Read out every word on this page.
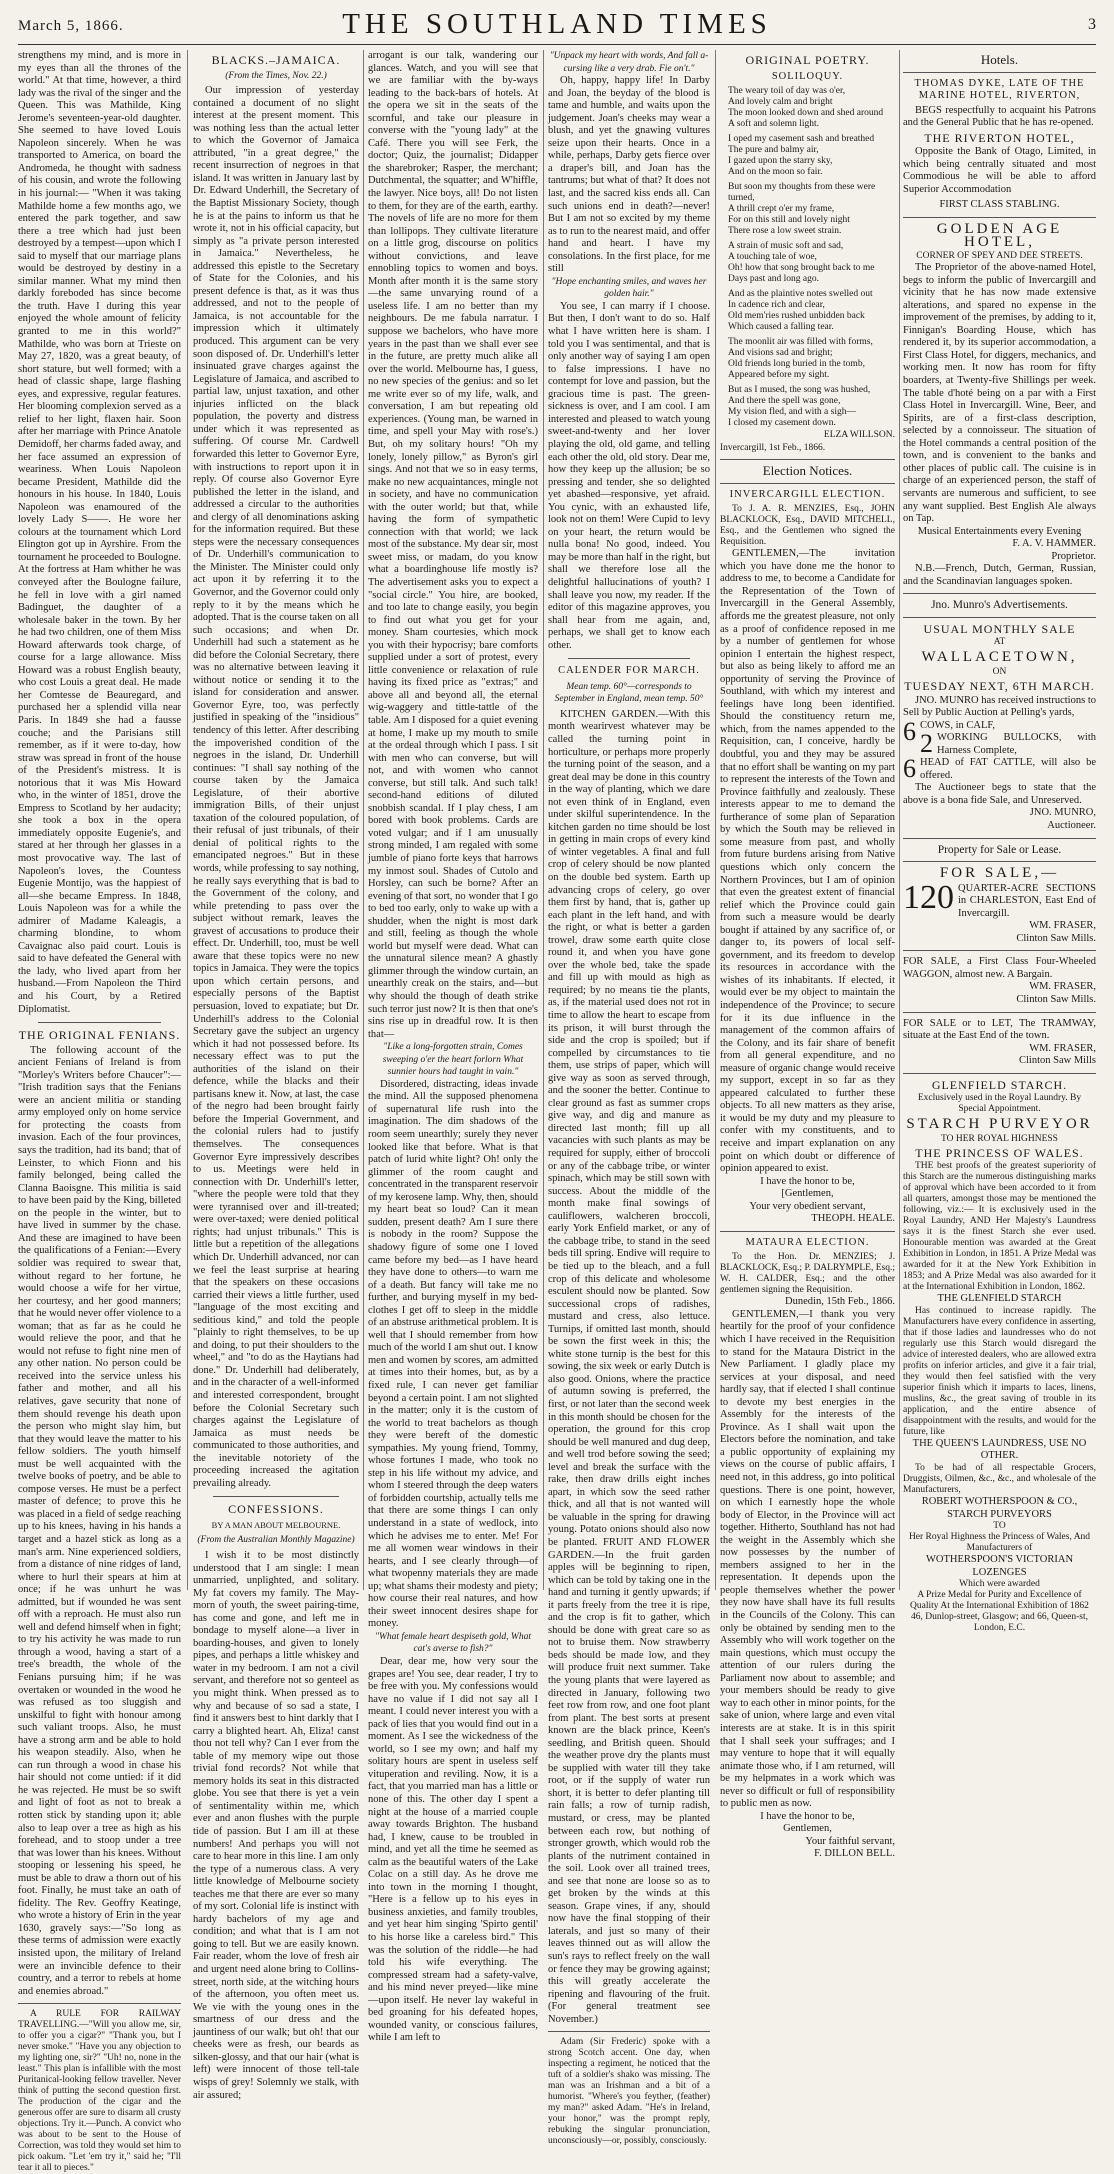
March 5, 1866.	THE SOUTHLAND TIMES	3

strengthens my mind, and is more in my eyes than all the thrones of the world." At that time, however, a third lady was the rival of the singer and the Queen. This was Mathilde, King Jerome's seventeen-year-old daughter. She seemed to have loved Louis Napoleon sincerely. When he was transported to America, on board the Andromeda, he thought with sadness of his cousin, and wrote the following in his journal:— "When it was taking Mathilde home a few months ago, we entered the park together, and saw there a tree which had just been destroyed by a tempest—upon which I said to myself that our marriage plans would be destroyed by destiny in a similar manner. What my mind then darkly foreboded has since become the truth. Have I during this year enjoyed the whole amount of felicity granted to me in this world?" Mathilde, who was born at Trieste on May 27, 1820, was a great beauty, of short stature, but well formed; with a head of classic shape, large flashing eyes, and expressive, regular features. Her blooming complexion served as a relief to her light, flaxen hair. Soon after her marriage with Prince Anatole Demidoff, her charms faded away, and her face assumed an expression of weariness. When Louis Napoleon became President, Mathilde did the honours in his house. In 1840, Louis Napoleon was enamoured of the lovely Lady S——. He wore her colours at the tournament which Lord Elington got up in Ayrshire. From the tournament he proceeded to Boulogne. At the fortress at Ham whither he was conveyed after the Boulogne failure, he fell in love with a girl named Badinguet, the daughter of a wholesale baker in the town. By her he had two children, one of them Miss Howard afterwards took charge, of course for a large allowance. Miss Howard was a robust English beauty, who cost Louis a great deal. He made her Comtesse de Beauregard, and purchased her a splendid villa near Paris. In 1849 she had a fausse couche; and the Parisians still remember, as if it were to-day, how straw was spread in front of the house of the President's mistress. It is notorious that it was Mis Howard who, in the winter of 1851, drove the Empress to Scotland by her audacity; she took a box in the opera immediately opposite Eugenie's, and stared at her through her glasses in a most provocative way. The last of Napoleon's loves, the Countess Eugenie Montijo, was the happiest of all—she became Empress. In 1848, Louis Napoleon was for a while the admirer of Madame Kaleagis, a charming blondine, to whom Cavaignac also paid court. Louis is said to have defeated the General with the lady, who lived apart from her husband.—From Napoleon the Third and his Court, by a Retired Diplomatist.

THE ORIGINAL FENIANS.

The following account of the ancient Fenians of Ireland is from "Morley's Writers before Chaucer":— "Irish tradition says that the Fenians were an ancient militia or standing army employed only on home service for protecting the coasts from invasion. Each of the four provinces, says the tradition, had its band; that of Leinster, to which Fionn and his family belonged, being called the Clanna Baoisgne. This militia is said to have been paid by the King, billeted on the people in the winter, but to have lived in summer by the chase. And these are imagined to have been the qualifications of a Fenian:—Every soldier was required to swear that, without regard to her fortune, he would choose a wife for her virtue, her courtesy, and her good manners; that he would never offer violence to a woman; that as far as he could he would relieve the poor, and that he would not refuse to fight nine men of any other nation. No person could be received into the service unless his father and mother, and all his relatives, gave security that none of them should revenge his death upon the person who might slay him, but that they would leave the matter to his fellow soldiers. The youth himself must be well acquainted with the twelve books of poetry, and be able to compose verses. He must be a perfect master of defence; to prove this he was placed in a field of sedge reaching up to his knees, having in his hands a target and a hazel stick as long as a man's arm. Nine experienced soldiers, from a distance of nine ridges of land, where to hurl their spears at him at once; if he was unhurt he was admitted, but if wounded he was sent off with a reproach. He must also run well and defend himself when in fight; to try his activity he was made to run through a wood, having a start of a tree's breadth, the whole of the Fenians pursuing him; if he was overtaken or wounded in the wood he was refused as too sluggish and unskilful to fight with honour among such valiant troops. Also, he must have a strong arm and be able to hold his weapon steadily. Also, when he can run through a wood in chase his hair should not come untied: if it did he was rejected. He must be so swift and light of foot as not to break a rotten stick by standing upon it; able also to leap over a tree as high as his forehead, and to stoop under a tree that was lower than his knees. Without stooping or lessening his speed, he must be able to draw a thorn out of his foot. Finally, he must take an oath of fidelity. The Rev. Geoffry Keatinge, who wrote a history of Erin in the year 1630, gravely says:—"So long as these terms of admission were exactly insisted upon, the military of Ireland were an invincible defence to their country, and a terror to rebels at home and enemies abroad."

A RULE FOR RAILWAY TRAVELLING.—"Will you allow me, sir, to offer you a cigar?" "Thank you, but I never smoke." "Have you any objection to my lighting one, sir?" "Uh! no, none in the least." This plan is infallible with the most Puritanical-looking fellow traveller. Never think of putting the second question first. The production of the cigar and the generous offer are sure to disarm all crusty objections. Try it.—Punch. A convict who was about to be sent to the House of Correction, was told they would set him to pick oakum. "Let 'em try it," said he; "I'll tear it all to pieces."

BLACKS.–JAMAICA.
(From the Times, Nov. 22.)

Our impression of yesterday contained a document of no slight interest at the present moment. This was nothing less than the actual letter to which the Governor of Jamaica attributed, "in a great degree," the recent insurrection of negroes in that island. It was written in January last by Dr. Edward Underhill, the Secretary of the Baptist Missionary Society, though he is at the pains to inform us that he wrote it, not in his official capacity, but simply as "a private person interested in Jamaica." Nevertheless, he addressed this epistle to the Secretary of State for the Colonies, and his present defence is that, as it was thus addressed, and not to the people of Jamaica, is not accountable for the impression which it ultimately produced. This argument can be very soon disposed of. Dr. Underhill's letter insinuated grave charges against the Legislature of Jamaica, and ascribed to partial law, unjust taxation, and other injuries inflicted on the black population, the poverty and distress under which it was represented as suffering. Of course Mr. Cardwell forwarded this letter to Governor Eyre, with instructions to report upon it in reply. Of course also Governor Eyre published the letter in the island, and addressed a circular to the authorities and clergy of all denominations asking for the information required. But these steps were the necessary consequences of Dr. Underhill's communication to the Minister. The Minister could only act upon it by referring it to the Governor, and the Governor could only reply to it by the means which he adopted. That is the course taken on all such occasions; and when Dr. Underhill had such a statement as he did before the Colonial Secretary, there was no alternative between leaving it without notice or sending it to the island for consideration and answer. Governor Eyre, too, was perfectly justified in speaking of the "insidious" tendency of this letter. After describing the impoverished condition of the negroes in the island, Dr. Underhill continues: "I shall say nothing of the course taken by the Jamaica Legislature, of their abortive immigration Bills, of their unjust taxation of the coloured population, of their refusal of just tribunals, of their denial of political rights to the emancipated negroes." But in these words, while professing to say nothing, he really says everything that is bad to the Government of the colony, and while pretending to pass over the subject without remark, leaves the gravest of accusations to produce their effect. Dr. Underhill, too, must be well aware that these topics were no new topics in Jamaica. They were the topics upon which certain persons, and especially persons of the Baptist persuasion, loved to expatiate; but Dr. Underhill's address to the Colonial Secretary gave the subject an urgency which it had not possessed before. Its necessary effect was to put the authorities of the island on their defence, while the blacks and their partisans knew it. Now, at last, the case of the negro had been brought fairly before the Imperial Government, and the colonial rulers had to justify themselves. The consequences Governor Eyre impressively describes to us. Meetings were held in connection with Dr. Underhill's letter, "where the people were told that they were tyrannised over and ill-treated; were over-taxed; were denied political rights; had unjust tribunals." This is little but a repetition of the allegations which Dr. Underhill advanced, nor can we feel the least surprise at hearing that the speakers on these occasions carried their views a little further, used "language of the most exciting and seditious kind," and told the people "plainly to right themselves, to be up and doing, to put their shoulders to the wheel," and "to do as the Haytians had done." Dr. Underhill had deliberately, and in the character of a well-informed and interested correspondent, brought before the Colonial Secretary such charges against the Legislature of Jamaica as must needs be communicated to those authorities, and the inevitable notoriety of the proceeding increased the agitation prevailing already.

CONFESSIONS.
BY A MAN ABOUT MELBOURNE.
(From the Australian Monthly Magazine)

I wish it to be most distinctly understood that I am single: I mean unmarried, unplighted, and solitary. My fat covers my family. The May-morn of youth, the sweet pairing-time, has come and gone, and left me in bondage to myself alone—a liver in boarding-houses, and given to lonely pipes, and perhaps a little whiskey and water in my bedroom. I am not a civil servant, and therefore not so genteel as you might think. When pressed as to why and because of so sad a state, I find it answers best to hint darkly that I carry a blighted heart. Ah, Eliza! canst thou not tell why? Can I ever from the table of my memory wipe out those trivial fond records? Not while that memory holds its seat in this distracted globe. You see that there is yet a vein of sentimentality within me, which ever and anon flushes with the purple tide of passion. But I am ill at these numbers! And perhaps you will not care to hear more in this line. I am only the type of a numerous class. A very little knowledge of Melbourne society teaches me that there are ever so many of my sort. Colonial life is instinct with hardy bachelors of my age and condition; and what that is I am not going to tell. But we are easily known. Fair reader, whom the love of fresh air and urgent need alone bring to Collins-street, north side, at the witching hours of the afternoon, you often meet us. We vie with the young ones in the smartness of our dress and the jauntiness of our walk; but oh! that our cheeks were as fresh, our beards as silken-glossy, and that our hair (what is left) were innocent of those tell-tale wisps of grey! Solemnly we stalk, with air assured;

arrogant is our talk, wandering our glances. Watch, and you will see that we are familiar with the by-ways leading to the back-bars of hotels. At the opera we sit in the seats of the scornful, and take our pleasure in converse with the "young lady" at the Café. There you will see Ferk, the doctor; Quiz, the journalist; Didapper the sharebroker; Rasper, the merchant; Dutchmental, the squatter; and W'hiffle, the lawyer. Nice boys, all! Do not listen to them, for they are of the earth, earthy. The novels of life are no more for them than lollipops. They cultivate literature on a little grog, discourse on politics without convictions, and leave ennobling topics to women and boys. Month after month it is the same story—the same unvarying round of a useless life. I am no better than my neighbours. De me fabula narratur. I suppose we bachelors, who have more years in the past than we shall ever see in the future, are pretty much alike all over the world. Melbourne has, I guess, no new species of the genius: and so let me write ever so of my life, walk, and conversation, I am but repeating old experiences. (Young man, be warned in time, and spell your May with rose's.) But, oh my solitary hours! "Oh my lonely, lonely pillow," as Byron's girl sings. And not that we so in easy terms, make no new acquaintances, mingle not in society, and have no communication with the outer world; but that, while having the form of sympathetic connection with that world; we lack most of the substance. My dear sir, most sweet miss, or madam, do you know what a boardinghouse life mostly is? The advertisement asks you to expect a "social circle." You hire, are booked, and too late to change easily, you begin to find out what you get for your money. Sham courtesies, which mock you with their hypocrisy; bare comforts supplied under a sort of protest, every little convenience or relaxation of rule having its fixed price as "extras;" and above all and beyond all, the eternal wig-waggery and tittle-tattle of the table. Am I disposed for a quiet evening at home, I make up my mouth to smile at the ordeal through which I pass. I sit with men who can converse, but will not, and with women who cannot converse, but still talk. And such talk! second-hand editions of diluted snobbish scandal. If I play chess, I am bored with book problems. Cards are voted vulgar; and if I am unusually strong minded, I am regaled with some jumble of piano forte keys that harrows my inmost soul. Shades of Cutolo and Horsley, can such be borne? After an evening of that sort, no wonder that I go to bed too early, only to wake up with a shudder, when the night is most dark and still, feeling as though the whole world but myself were dead. What can the unnatural silence mean? A ghastly glimmer through the window curtain, an unearthly creak on the stairs, and—but why should the though of death strike such terror just now? It is then that one's sins rise up in dreadful row. It is then that—

"Like a long-forgotten strain, Comes sweeping o'er the heart forlorn What sunnier hours had taught in vain."

Disordered, distracting, ideas invade the mind. All the supposed phenomena of supernatural life rush into the imagination. The dim shadows of the room seem unearthly; surely they never looked like that before. What is that patch of lurid white light? Oh! only the glimmer of the room caught and concentrated in the transparent reservoir of my kerosene lamp. Why, then, should my heart beat so loud? Can it mean sudden, present death? Am I sure there is nobody in the room? Suppose the shadowy figure of some one I loved came before my bed—as I have heard they have done to others—to warn me of a death. But fancy will take me no further, and burying myself in my bed-clothes I get off to sleep in the middle of an abstruse arithmetical problem. It is well that I should remember from how much of the world I am shut out. I know men and women by scores, am admitted at times into their homes, but, as by a fixed rule, I can never get familiar beyond a certain point. I am not slighted in the matter; only it is the custom of the world to treat bachelors as though they were bereft of the domestic sympathies. My young friend, Tommy, whose fortunes I made, who took no step in his life without my advice, and whom I steered through the deep waters of forbidden courtship, actually tells me that there are some things I can only understand in a state of wedlock, into which he advises me to enter. Me! For me all women wear windows in their hearts, and I see clearly through—of what twopenny materials they are made up; what shams their modesty and piety; how course their real natures, and how their sweet innocent desires shape for money.

"What female heart despiseth gold, What cat's averse to fish?"

Dear, dear me, how very sour the grapes are! You see, dear reader, I try to be free with you. My confessions would have no value if I did not say all I meant. I could never interest you with a pack of lies that you would find out in a moment. As I see the wickedness of the world, so I see my own; and half my solitary hours are spent in useless self vituperation and reviling. Now, it is a fact, that you married man has a little or none of this. The other day I spent a night at the house of a married couple away towards Brighton. The husband had, I knew, cause to be troubled in mind, and yet all the time he seemed as calm as the beautiful waters of the Lake Colac on a still day. As he drove me into town in the morning I thought, "Here is a fellow up to his eyes in business anxieties, and family troubles, and yet hear him singing 'Spirto gentil' to his horse like a careless bird." This was the solution of the riddle—he had told his wife everything. The compressed stream had a safety-valve, and his mind never preyed—like mine—upon itself. He never lay wakeful in bed groaning for his defeated hopes, wounded vanity, or conscious failures, while I am left to

"Unpack my heart with words, And fall a-cursing like a very drab. Fie on't."

Oh, happy, happy life! In Darby and Joan, the beyday of the blood is tame and humble, and waits upon the judgement. Joan's cheeks may wear a blush, and yet the gnawing vultures seize upon their hearts. Once in a while, perhaps, Darby gets fierce over a draper's bill, and Joan has the tantrums; but what of that? It does not last, and the sacred kiss ends all. Can such unions end in death?—never! But I am not so excited by my theme as to run to the nearest maid, and offer hand and heart. I have my consolations. In the first place, for me still

"Hope enchanting smiles, and waves her golden hair."

You see, I can marry if I choose. But then, I don't want to do so. Half what I have written here is sham. I told you I was sentimental, and that is only another way of saying I am open to false impressions. I have no contempt for love and passion, but the gracious time is past. The green-sickness is over, and I am cool. I am interested and pleased to watch young sweet-and-twenty and her lover playing the old, old game, and telling each other the old, old story. Dear me, how they keep up the allusion; be so pressing and tender, she so delighted yet abashed—responsive, yet afraid. You cynic, with an exhausted life, look not on them! Were Cupid to levy on your heart, the return would be nulla bona! No good, indeed. You may be more than half in the right, but shall we therefore lose all the delightful hallucinations of youth? I shall leave you now, my reader. If the editor of this magazine approves, you shall hear from me again, and, perhaps, we shall get to know each other.

CALENDER FOR MARCH.
Mean temp. 60°—corresponds to September in England, mean temp. 50°

KITCHEN GARDEN.—With this month wearirvest whatever may be called the turning point in horticulture, or perhaps more properly the turning point of the season, and a great deal may be done in this country in the way of planting, which we dare not even think of in England, even under skilful superintendence. In the kitchen garden no time should be lost in getting in main crops of every kind of winter vegetables. A final and full crop of celery should be now planted on the double bed system. Earth up advancing crops of celery, go over them first by hand, that is, gather up each plant in the left hand, and with the right, or what is better a garden trowel, draw some earth quite close round it, and when you have gone over the whole bed, take the spade and fill up with mould as high as required; by no means tie the plants, as, if the material used does not rot in time to allow the heart to escape from its prison, it will burst through the side and the crop is spoiled; but if compelled by circumstances to tie them, use strips of paper, which will give way as soon as served through, and the sooner the better. Continue to clear ground as fast as summer crops give way, and dig and manure as directed last month; fill up all vacancies with such plants as may be required for supply, either of broccoli or any of the cabbage tribe, or winter spinach, which may be still sown with success. About the middle of the month make final sowings of cauliflowers, walcheren broccoli, early York Enfield market, or any of the cabbage tribe, to stand in the seed beds till spring. Endive will require to be tied up to the bleach, and a full crop of this delicate and wholesome esculent should now be planted. Sow successional crops of radishes, mustard and cress, also lettuce. Turnips, if omitted last month, should be sown the first week in this; the white stone turnip is the best for this sowing, the six week or early Dutch is also good. Onions, where the practice of autumn sowing is preferred, the first, or not later than the second week in this month should be chosen for the operation, the ground for this crop should be well manured and dug deep, and well trod before sowing the seed; level and break the surface with the rake, then draw drills eight inches apart, in which sow the seed rather thick, and all that is not wanted will be valuable in the spring for drawing young. Potato onions should also now be planted. FRUIT AND FLOWER GARDEN.—In the fruit garden apples will be beginning to ripen, which can be told by taking one in the hand and turning it gently upwards; if it parts freely from the tree it is ripe, and the crop is fit to gather, which should be done with great care so as not to bruise them. Now strawberry beds should be made low, and they will produce fruit next summer. Take the young plants that were layered as directed in January, following two feet row from row, and one foot plant from plant. The best sorts at present known are the black prince, Keen's seedling, and British queen. Should the weather prove dry the plants must be supplied with water till they take root, or if the supply of water run short, it is better to defer planting till rain falls; a row of turnip radish, mustard, or cress, may be planted between each row, but nothing of stronger growth, which would rob the plants of the nutriment contained in the soil. Look over all trained trees, and see that none are loose so as to get broken by the winds at this season. Grape vines, if any, should now have the final stopping of their laterals, and just so many of their leaves thinned out as will allow the sun's rays to reflect freely on the wall or fence they may be growing against; this will greatly accelerate the ripening and flavouring of the fruit. (For general treatment see November.)

Adam (Sir Frederic) spoke with a strong Scotch accent. One day, when inspecting a regiment, he noticed that the tuft of a soldier's shako was missing. The man was an Irishman and a bit of a humorist. "Where's you feyther, (feather) my man?" asked Adam. "He's in Ireland, your honor," was the prompt reply, rebuking the singular pronunciation, unconsciously—or, possibly, consciously.

ORIGINAL POETRY.
SOLILOQUY.

The weary toil of day was o'er,

And lovely calm and bright

The moon looked down and shed around

A soft and solemn light.

I oped my casement sash and breathed

The pure and balmy air,

I gazed upon the starry sky,

And on the moon so fair.

But soon my thoughts from these were turned,

A thrill crept o'er my frame,

For on this still and lovely night

There rose a low sweet strain.

A strain of music soft and sad,

A touching tale of woe,

Oh! how that song brought back to me

Days past and long ago.

And as the plaintive notes swelled out

In cadence rich and clear,

Old mem'ries rushed unbidden back

Which caused a falling tear.

The moonlit air was filled with forms,

And visions sad and bright;

Old friends long buried in the tomb,

Appeared before my sight.

But as I mused, the song was hushed,

And there the spell was gone,

My vision fled, and with a sigh—

I closed my casement down.

ELZA WILLSON.
Invercargill, 1st Feb., 1866.
Election Notices.
INVERCARGILL ELECTION.

To J. A. R. MENZIES, Esq., JOHN BLACKLOCK, Esq., DAVID MITCHELL, Esq., and the Gentlemen who signed the Requisition.

GENTLEMEN,—The invitation which you have done me the honor to address to me, to become a Candidate for the Representation of the Town of Invercargill in the General Assembly, affords me the greatest pleasure, not only as a proof of confidence reposed in me by a number of gentlemen for whose opinion I entertain the highest respect, but also as being likely to afford me an opportunity of serving the Province of Southland, with which my interest and feelings have long been identified. Should the constituency return me, which, from the names appended to the Requisition, can, I conceive, hardly be doubtful, you and they may be assured that no effort shall be wanting on my part to represent the interests of the Town and Province faithfully and zealously. These interests appear to me to demand the furtherance of some plan of Separation by which the South may be relieved in some measure from past, and wholly from future burdens arising from Native questions which only concern the Northern Provinces, but I am of opinion that even the greatest extent of financial relief which the Province could gain from such a measure would be dearly bought if attained by any sacrifice of, or danger to, its powers of local self-government, and its freedom to develop its resources in accordance with the wishes of its inhabitants. If elected, it would ever be my object to maintain the independence of the Province; to secure for it its due influence in the management of the common affairs of the Colony, and its fair share of benefit from all general expenditure, and no measure of organic change would receive my support, except in so far as they appeared calculated to further these objects. To all new matters as they arise, it would be my duty and my pleasure to confer with my constituents, and to receive and impart explanation on any point on which doubt or difference of opinion appeared to exist.

I have the honor to be,
[Gentlemen,
Your very obedient servant,
THEOPH. HEALE.
MATAURA ELECTION.

To the Hon. Dr. MENZIES; J. BLACKLOCK, Esq.; P. DALRYMPLE, Esq.; W. H. CALDER, Esq.; and the other gentlemen signing the Requisition.

Dunedin, 15th Feb., 1866.

GENTLEMEN,—I thank you very heartily for the proof of your confidence which I have received in the Requisition to stand for the Mataura District in the New Parliament. I gladly place my services at your disposal, and need hardly say, that if elected I shall continue to devote my best energies in the Assembly for the interests of the Province. As I shall wait upon the Electors before the nomination, and take a public opportunity of explaining my views on the course of public affairs, I need not, in this address, go into political questions. There is one point, however, on which I earnestly hope the whole body of Elector, in the Province will act together. Hitherto, Southland has not had the weight in the Assembly which she now possesses by the number of members assigned to her in the representation. It depends upon the people themselves whether the power they now have shall have its full results in the Councils of the Colony. This can only be obtained by sending men to the Assembly who will work together on the main questions, which must occupy the attention of our rulers during the Parliament now about to assemble; and your members should be ready to give way to each other in minor points, for the sake of union, where large and even vital interests are at stake. It is in this spirit that I shall seek your suffrages; and I may venture to hope that it will equally animate those who, if I am returned, will be my helpmates in a work which was never so difficult or full of responsibility to public men as now.

I have the honor to be,
Gentlemen,
Your faithful servant,
F. DILLON BELL.
Hotels.
THOMAS DYKE, LATE OF THE MARINE HOTEL, RIVERTON,

BEGS respectfully to acquaint his Patrons and the General Public that he has re-opened.

THE RIVERTON HOTEL,

Opposite the Bank of Otago, Limited, in which being centrally situated and most Commodious he will be able to afford Superior Accommodation

FIRST CLASS STABLING.
GOLDEN AGE HOTEL,
CORNER OF SPEY AND DEE STREETS.

The Proprietor of the above-named Hotel, begs to inform the public of Invercargill and vicinity that he has now made extensive alterations, and spared no expense in the improvement of the premises, by adding to it, Finnigan's Boarding House, which has rendered it, by its superior accommodation, a First Class Hotel, for diggers, mechanics, and working men. It now has room for fifty boarders, at Twenty-five Shillings per week. The table d'hoté being on a par with a First Class Hotel in Invercargill. Wine, Beer, and Spirits, are of a first-class description, selected by a connoisseur. The situation of the Hotel commands a central position of the town, and is convenient to the banks and other places of public call. The cuisine is in charge of an experienced person, the staff of servants are numerous and sufficient, to see any want supplied. Best English Ale always on Tap.

Musical Entertainments every Evening
F. A. V. HAMMER.
Proprietor.

N.B.—French, Dutch, German, Russian, and the Scandinavian languages spoken.

Jno. Munro's Advertisements.
USUAL MONTHLY SALE
AT
WALLACETOWN,
ON
TUESDAY NEXT, 6TH MARCH.

JNO. MUNRO has received instructions to Sell by Public Auction at Pelling's yards,

6 COWS, in CALF,
2 WORKING BULLOCKS, with Harness Complete,
6 HEAD of FAT CATTLE, will also be offered.

The Auctioneer begs to state that the above is a bona fide Sale, and Unreserved.

JNO. MUNRO,
Auctioneer.
Property for Sale or Lease.
FOR SALE,—
120 QUARTER-ACRE SECTIONS in CHARLESTON, East End of Invercargill.
WM. FRASER,
Clinton Saw Mills.

FOR SALE, a First Class Four-Wheeled WAGGON, almost new. A Bargain.

WM. FRASER,
Clinton Saw Mills.

FOR SALE or to LET, The TRAMWAY, situate at the East End of the town.

WM. FRASER,
Clinton Saw Mills
GLENFIELD STARCH.
Exclusively used in the Royal Laundry. By Special Appointment.
STARCH PURVEYOR
TO HER ROYAL HIGHNESS
THE PRINCESS OF WALES.

THE best proofs of the greatest superiority of this Starch are the numerous distinguishing marks of approval which have been accorded to it from all quarters, amongst those may be mentioned the following, viz.:— It is exclusively used in the Royal Laundry, AND Her Majesty's Laundress says it is the finest Starch she ever used. Honourable mention was awarded at the Great Exhibition in London, in 1851. A Prize Medal was awarded for it at the New York Exhibition in 1853; and A Prize Medal was also awarded for it at the International Exhibition in London, 1862.

THE GLENFIELD STARCH

Has continued to increase rapidly. The Manufacturers have every confidence in asserting, that if those ladies and laundresses who do not regularly use this Starch would disregard the advice of interested dealers, who are allowed extra profits on inferior articles, and give it a fair trial, they would then feel satisfied with the very superior finish which it imparts to laces, linens, muslins, &c., the great saving of trouble in its application, and the entire absence of disappointment with the results, and would for the future, like

THE QUEEN'S LAUNDRESS, USE NO OTHER.

To be had of all respectable Grocers, Druggists, Oilmen, &c., &c., and wholesale of the Manufacturers,

ROBERT WOTHERSPOON & CO.,
STARCH PURVEYORS
TO
Her Royal Highness the Princess of Wales, And Manufacturers of
WOTHERSPOON'S VICTORIAN LOZENGES
Which were awarded
A Prize Medal for Purity and Excellence of Quality At the International Exhibition of 1862
46, Dunlop-street, Glasgow; and 66, Queen-st, London, E.C.
